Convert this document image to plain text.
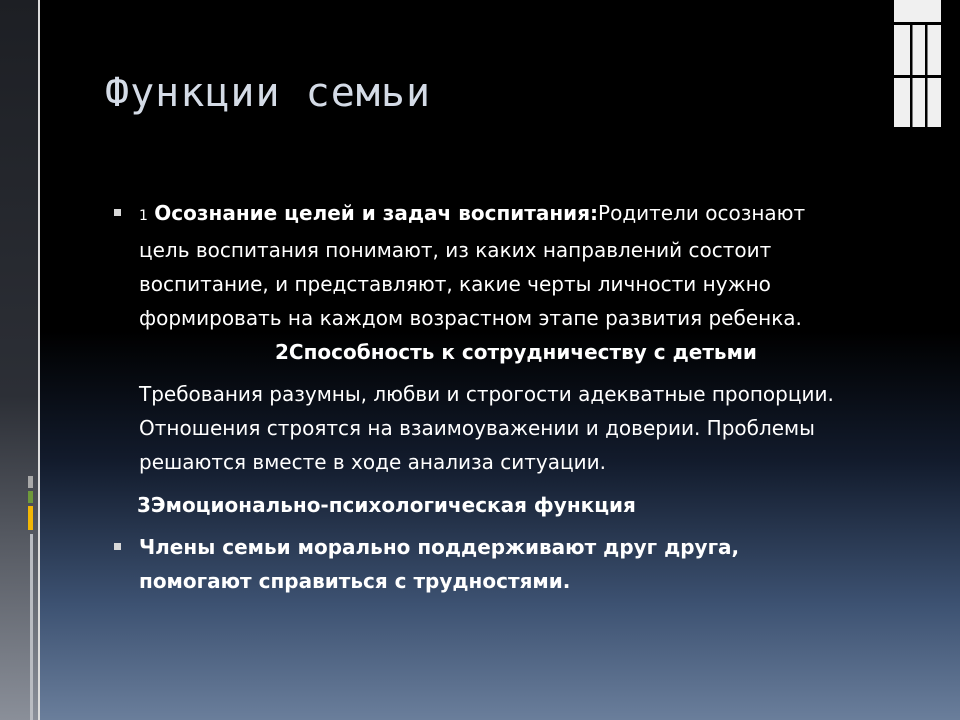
Функции семьи
1 Осознание целей и задач воспитания:Родители осознают цель воспитания понимают, из каких направлений состоит воспитание, и представляют, какие черты личности нужно формировать на каждом возрастном этапе развития ребенка.2Способность к сотрудничеству с детьми
Требования разумны, любви и строгости адекватные пропорции. Отношения строятся на взаимоуважении и доверии. Проблемы решаются вместе в ходе анализа ситуации.
3Эмоционально-психологическая функция
Члены семьи морально поддерживают друг друга, помогают справиться с трудностями.
